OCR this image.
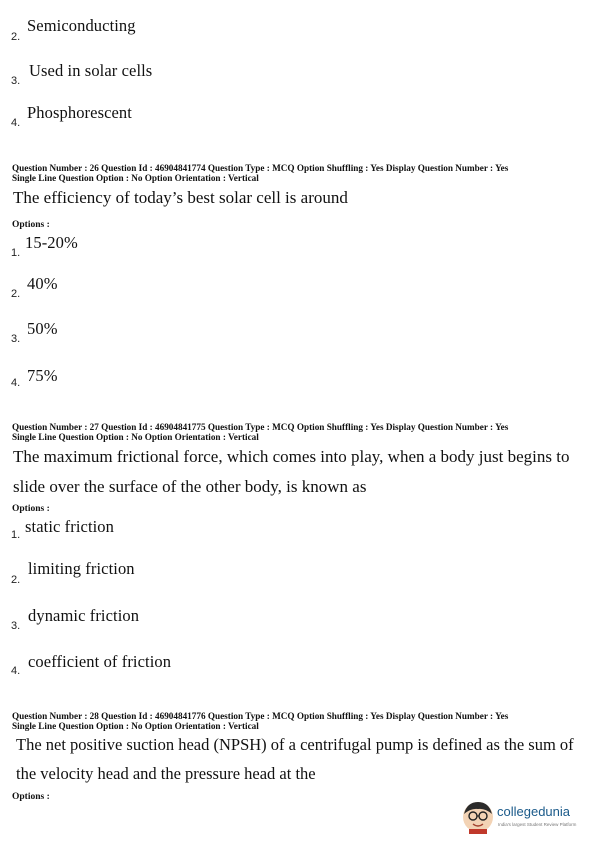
2.
Semiconducting
3.
Used in solar cells
4.
Phosphorescent
Question Number : 26 Question Id : 46904841774 Question Type : MCQ Option Shuffling : Yes Display Question Number : Yes
Single Line Question Option : No Option Orientation : Vertical
The efficiency of today’s best solar cell is around
Options :
1.
15-20%
2.
40%
3.
50%
4. 75%
Question Number : 27 Question Id : 46904841775 Question Type : MCQ Option Shuffling : Yes Display Question Number : Yes
Single Line Question Option : No Option Orientation : Vertical
The maximum frictional force, which comes into play, when a body just begins to
slide over the surface of the other body, is known as
Options :
1. static friction
2.
limiting friction
3.
dynamic friction
4. coefficient of friction
Question Number : 28 Question Id : 46904841776 Question Type : MCQ Option Shuffling : Yes Display Question Number : Yes
Single Line Question Option : No Option Orientation : Vertical
The net positive suction head (NPSH) of a centrifugal pump is defined as the sum of
the velocity head and the pressure head at the
Options :
collegedunia
India's largest Student Review Platform
